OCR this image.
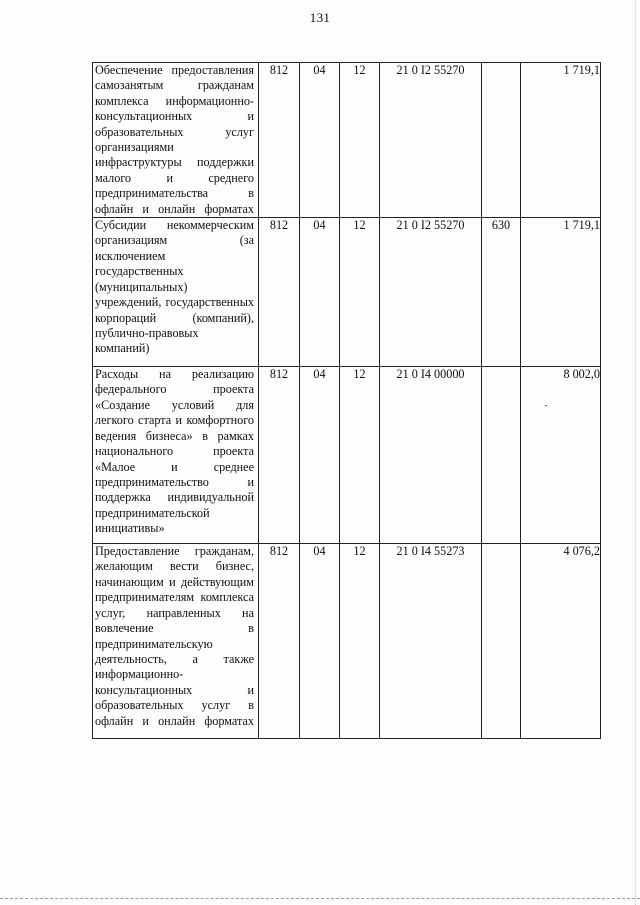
131
Обеспечение предоставления самозанятым гражданам комплекса информационно-консультационных и образовательных услуг организациями инфраструктуры поддержки малого и среднего предпринимательства в офлайн и онлайн форматах	812	04	12	21 0 I2 55270		1 719,1

Субсидии некоммерческим организациям (за исключением государственных (муниципальных) учреждений, государственных корпораций (компаний), публично-правовых компаний)	812	04	12	21 0 I2 55270	630	1 719,1

Расходы на реализацию федерального проекта «Создание условий для легкого старта и комфортного ведения бизнеса» в рамках национального проекта «Малое и среднее предпринимательство и поддержка индивидуальной предпринимательской инициативы»	812	04	12	21 0 I4 00000		8 002,0

Предоставление гражданам, желающим вести бизнес, начинающим и действующим предпринимателям комплекса услуг, направленных на вовлечение в предпринимательскую деятельность, а также информационно-консультационных и образовательных услуг в офлайн и онлайн форматах	812	04	12	21 0 I4 55273		4 076,2
